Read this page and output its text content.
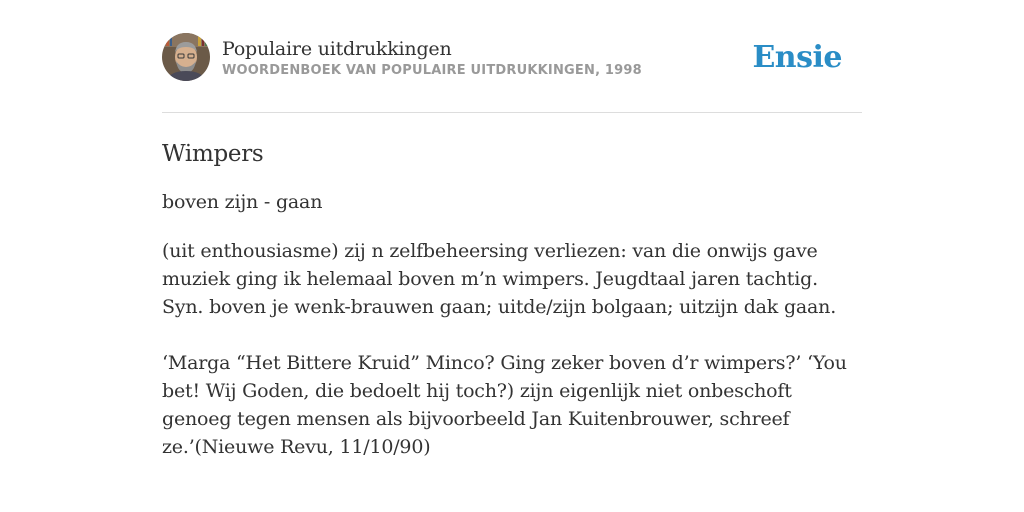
Populaire uitdrukkingen
WOORDENBOEK VAN POPULAIRE UITDRUKKINGEN, 1998	Ensie
Wimpers
boven zijn - gaan

(uit enthousiasme) zij n zelfbeheersing verliezen: van die onwijs gave muziek ging ik helemaal boven m’n wimpers. Jeugdtaal jaren tachtig. Syn. boven je wenk-brauwen gaan; uitde/zijn bolgaan; uitzijn dak gaan.

‘Marga “Het Bittere Kruid” Minco? Ging zeker boven d’r wimpers?’ ‘You bet! Wij Goden, die bedoelt hij toch?) zijn eigenlijk niet onbeschoft genoeg tegen mensen als bijvoorbeeld Jan Kuitenbrouwer, schreef ze.’(Nieuwe Revu, 11/10/90)
